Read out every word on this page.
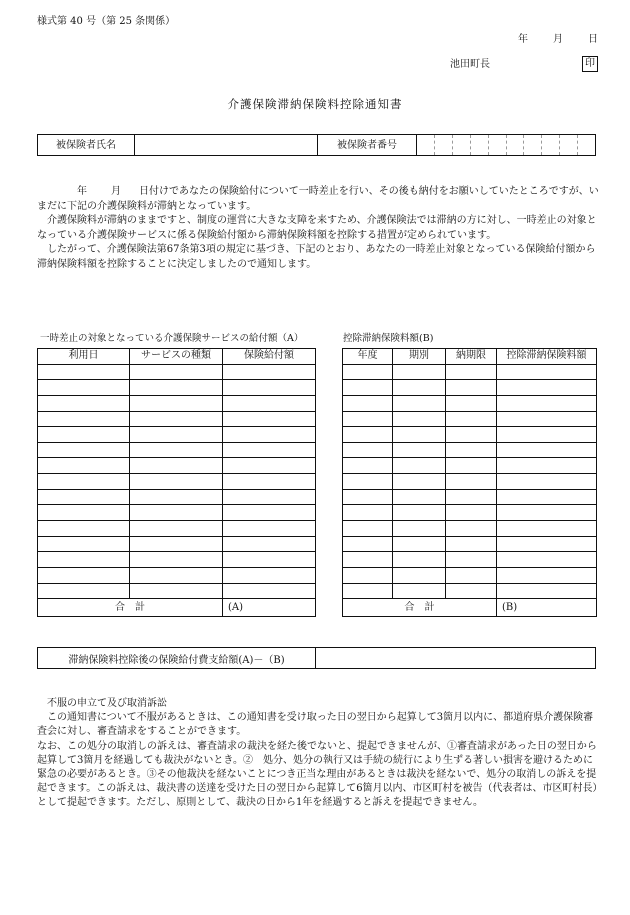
様式第 40 号（第 25 条関係）
年	月	日
池田町長	印
介護保険滞納保険料控除通知書
被保険者氏名	被保険者番号

年 月 日付けであなたの保険給付について一時差止を行い、その後も納付をお願いしていたところですが、いまだに下記の介護保険料が滞納となっています。

介護保険料が滞納のままですと、制度の運営に大きな支障を来すため、介護保険法では滞納の方に対し、一時差止の対象となっている介護保険サービスに係る保険給付額から滞納保険料額を控除する措置が定められています。

したがって、介護保険法第67条第3項の規定に基づき、下記のとおり、あなたの一時差止対象となっている保険給付額から滞納保険料額を控除することに決定しましたので通知します。

一時差止の対象となっている介護保険サービスの給付額（A）	控除滞納保険料額(B)
利用日	サービスの種類	保険給付額

合　計		(A)
年度	期別	納期限	控除滞納保険料額

合　計			(B)
滞納保険料控除後の保険給付費支給額(A)－（B)

不服の申立て及び取消訴訟

この通知書について不服があるときは、この通知書を受け取った日の翌日から起算して3箇月以内に、都道府県介護保険審査会に対し、審査請求をすることができます。

なお、この処分の取消しの訴えは、審査請求の裁決を経た後でないと、提起できませんが、①審査請求があった日の翌日から起算して3箇月を経過しても裁決がないとき。②　処分、処分の執行又は手続の続行により生ずる著しい損害を避けるために緊急の必要があるとき。③その他裁決を経ないことにつき正当な理由があるときは裁決を経ないで、処分の取消しの訴えを提起できます。この訴えは、裁決書の送達を受けた日の翌日から起算して6箇月以内、市区町村を被告（代表者は、市区町村長）として提起できます。ただし、原則として、裁決の日から1年を経過すると訴えを提起できません。
